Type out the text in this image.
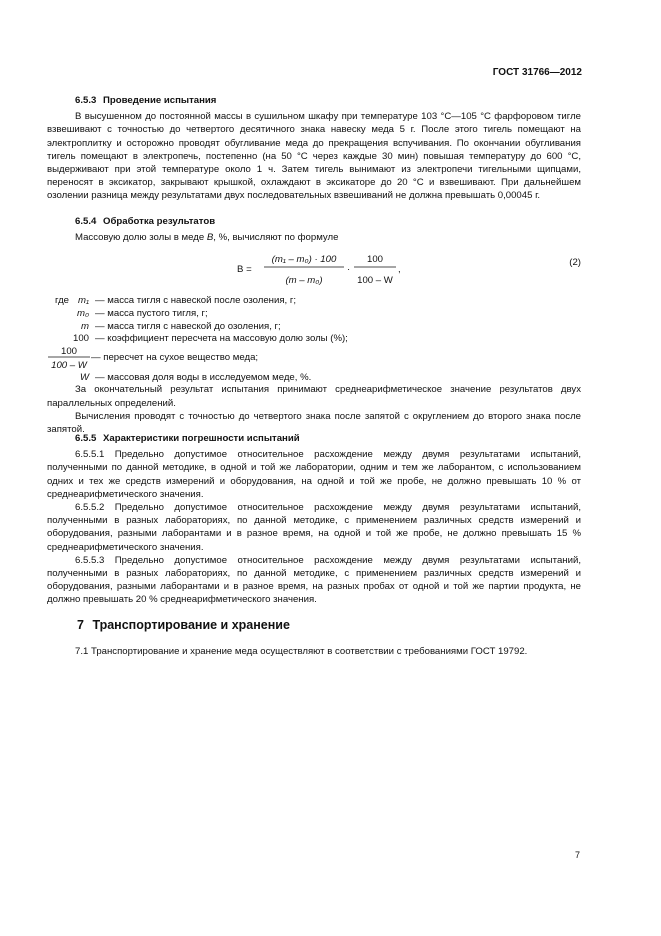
ГОСТ 31766—2012
6.5.3 Проведение испытания

В высушенном до постоянной массы в сушильном шкафу при температуре 103 °С—105 °С фарфоровом тигле взвешивают с точностью до четвертого десятичного знака навеску меда 5 г. После этого тигель помещают на электроплитку и осторожно проводят обугливание меда до прекращения вспучивания. По окончании обугливания тигель помещают в электропечь, постепенно (на 50 °С через каждые 30 мин) повышая температуру до 600 °С, выдерживают при этой температуре около 1 ч. Затем тигель вынимают из электропечи тигельными щипцами, переносят в эксикатор, закрывают крышкой, охлаждают в эксикаторе до 20 °С и взвешивают. При дальнейшем озолении разница между результатами двух последовательных взвешиваний не должна превышать 0,00045 г.

6.5.4 Обработка результатов

Массовую долю золы в меде В, %, вычисляют по формуле

B =
(m₁ – m₀) · 100
(m – m₀)
·
100
100 – W
,
(2)
где m₁ — масса тигля с навеской после озоления, г;
m₀ — масса пустого тигля, г;
m — масса тигля с навеской до озоления, г;
100 — коэффициент пересчета на массовую долю золы (%);
100
100 – W
— пересчет на сухое вещество меда;
W — массовая доля воды в исследуемом меде, %.

За окончательный результат испытания принимают среднеарифметическое значение результатов двух параллельных определений.

Вычисления проводят с точностью до четвертого знака после запятой с округлением до второго знака после запятой.

6.5.5 Характеристики погрешности испытаний

6.5.5.1 Предельно допустимое относительное расхождение между двумя результатами испытаний, полученными по данной методике, в одной и той же лаборатории, одним и тем же лаборантом, с использованием одних и тех же средств измерений и оборудования, на одной и той же пробе, не должно превышать 10 % от среднеарифметического значения.

6.5.5.2 Предельно допустимое относительное расхождение между двумя результатами испытаний, полученными в разных лабораториях, по данной методике, с применением различных средств измерений и оборудования, разными лаборантами и в разное время, на одной и той же пробе, не должно превышать 15 % среднеарифметического значения.

6.5.5.3 Предельно допустимое относительное расхождение между двумя результатами испытаний, полученными в разных лабораториях, по данной методике, с применением различных средств измерений и оборудования, разными лаборантами и в разное время, на разных пробах от одной и той же партии продукта, не должно превышать 20 % среднеарифметического значения.

7 Транспортирование и хранение

7.1 Транспортирование и хранение меда осуществляют в соответствии с требованиями ГОСТ 19792.

7
